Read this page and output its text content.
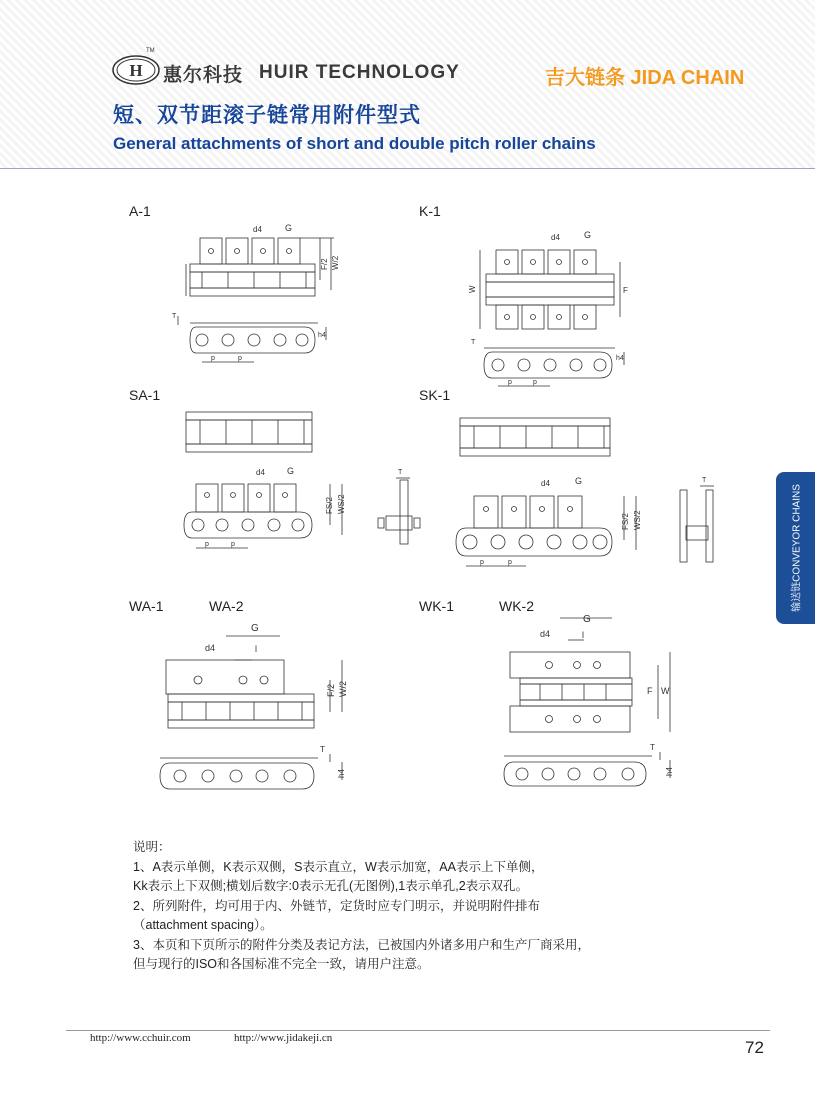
H
TM
惠尔科技 HUIR TECHNOLOGY	吉大链条 JIDA CHAIN
短、双节距滚子链常用附件型式
General attachments of short and double pitch roller chains
A-1	K-1
SA-1	SK-1
WA-1	WA-2	WK-1	WK-2
F/2 W/2
d4	G
T
h4
p	p
W	F
d4	G
T
h4
p	p
d4 G
FS/2 WS/2
p	p
T
d4	G
FS/2 WS/2
p	p
T
d4
G
l
F/2 W/2
T
h4
d4
G
l
F W
T
h4
输送链CONVEYOR CHAINS
说明：
1、A表示单侧，K表示双侧，S表示直立，W表示加宽，AA表示上下单侧，
Kk表示上下双侧;横划后数字:0表示无孔(无图例),1表示单孔,2表示双孔。
2、所列附件，均可用于内、外链节，定货时应专门明示，并说明附件排布
（attachment spacing）。
3、本页和下页所示的附件分类及表记方法，已被国内外诸多用户和生产厂商采用，
但与现行的ISO和各国标准不完全一致，请用户注意。
http://www.cchuir.com	http://www.jidakeji.cn	72
